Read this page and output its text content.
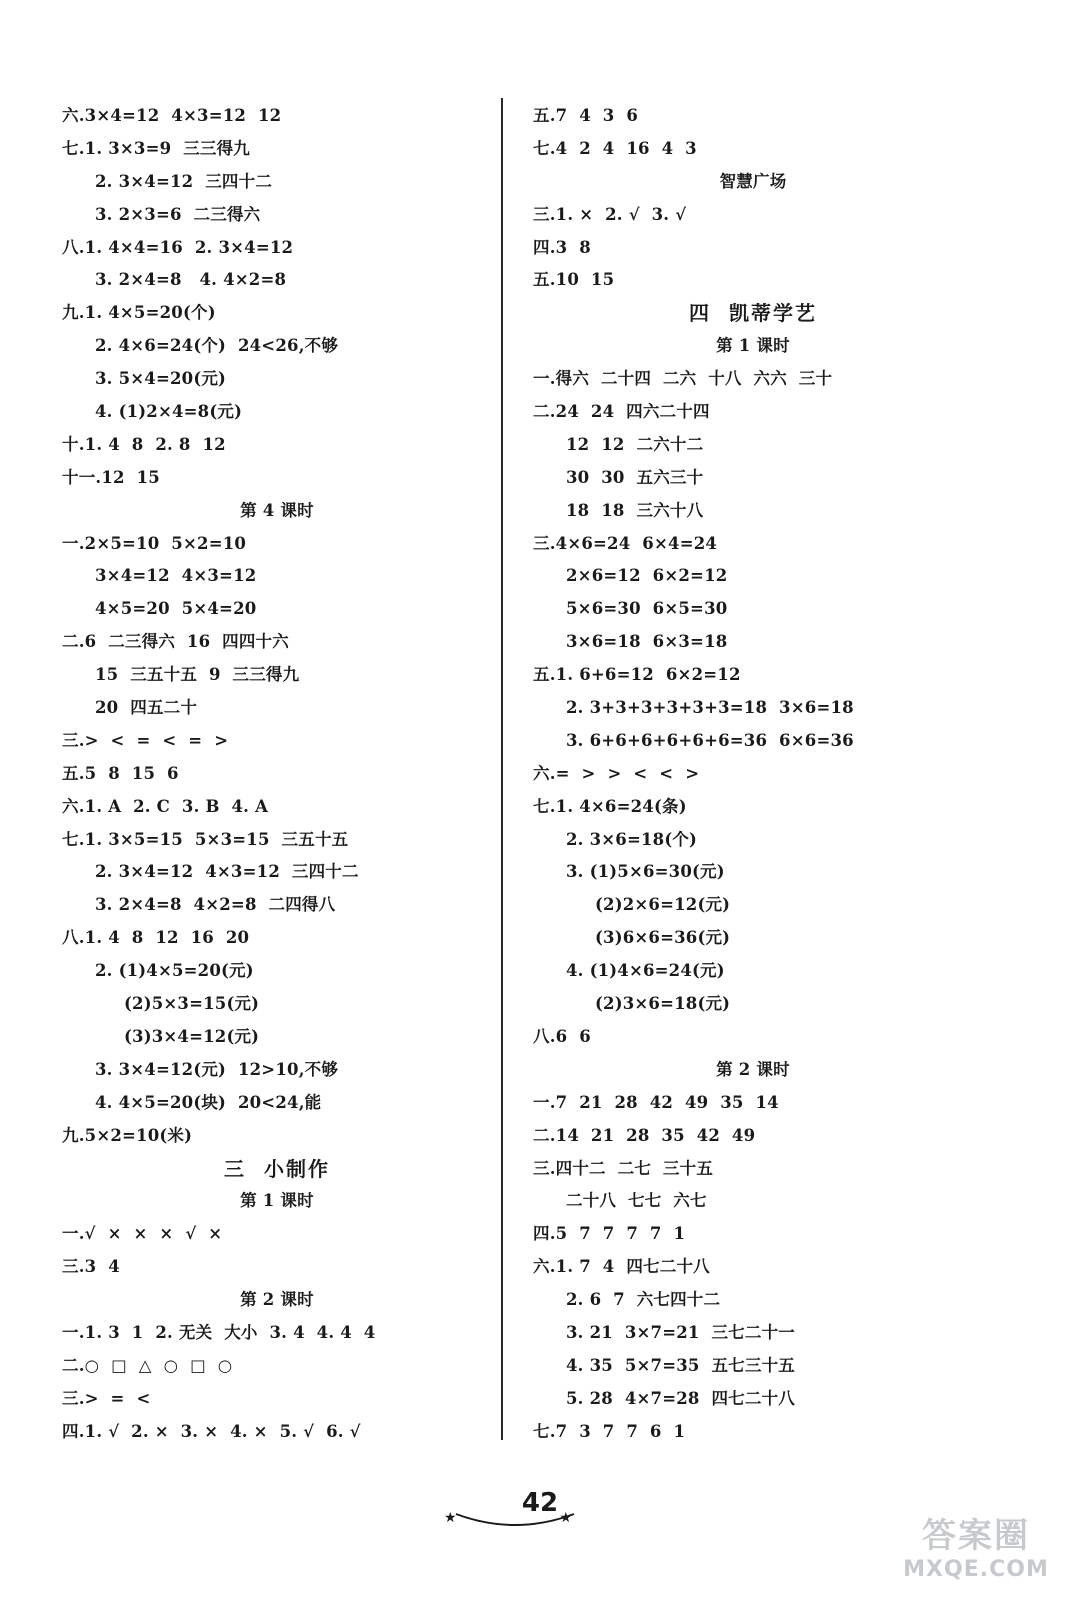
六.3×4=12  4×3=12  12
七.1. 3×3=9  三三得九
2. 3×4=12  三四十二
3. 2×3=6  二三得六
八.1. 4×4=16  2. 3×4=12
3. 2×4=8   4. 4×2=8
九.1. 4×5=20(个)
2. 4×6=24(个)  24<26,不够
3. 5×4=20(元)
4. (1)2×4=8(元)
十.1. 4  8  2. 8  12
十一.12  15
第 4 课时
一.2×5=10  5×2=10
3×4=12  4×3=12
4×5=20  5×4=20
二.6  二三得六  16  四四十六
15  三五十五  9  三三得九
20  四五二十
三.>  <  =  <  =  >
五.5  8  15  6
六.1. A  2. C  3. B  4. A
七.1. 3×5=15  5×3=15  三五十五
2. 3×4=12  4×3=12  三四十二
3. 2×4=8  4×2=8  二四得八
八.1. 4  8  12  16  20
2. (1)4×5=20(元)
(2)5×3=15(元)
(3)3×4=12(元)
3. 3×4=12(元)  12>10,不够
4. 4×5=20(块)  20<24,能
九.5×2=10(米)
三  小制作
第 1 课时
一.√  ×  ×  ×  √  ×
三.3  4
第 2 课时
一.1. 3  1  2. 无关  大小  3. 4  4. 4  4
二.○  □  △  ○  □  ○
三.>  =  <
四.1. √  2. ×  3. ×  4. ×  5. √  6. √
五.7  4  3  6
七.4  2  4  16  4  3
智慧广场
三.1. ×  2. √  3. √
四.3  8
五.10  15
四  凯蒂学艺
第 1 课时
一.得六  二十四  二六  十八  六六  三十
二.24  24  四六二十四
12  12  二六十二
30  30  五六三十
18  18  三六十八
三.4×6=24  6×4=24
2×6=12  6×2=12
5×6=30  6×5=30
3×6=18  6×3=18
五.1. 6+6=12  6×2=12
2. 3+3+3+3+3+3=18  3×6=18
3. 6+6+6+6+6+6=36  6×6=36
六.=  >  >  <  <  >
七.1. 4×6=24(条)
2. 3×6=18(个)
3. (1)5×6=30(元)
(2)2×6=12(元)
(3)6×6=36(元)
4. (1)4×6=24(元)
(2)3×6=18(元)
八.6  6
第 2 课时
一.7  21  28  42  49  35  14
二.14  21  28  35  42  49
三.四十二  二七  三十五
二十八  七七  六七
四.5  7  7  7  7  1
六.1. 7  4  四七二十八
2. 6  7  六七四十二
3. 21  3×7=21  三七二十一
4. 35  5×7=35  五七三十五
5. 28  4×7=28  四七二十八
七.7  3  7  7  6  1
★	42 ★	答案圈
MXQE.COM
